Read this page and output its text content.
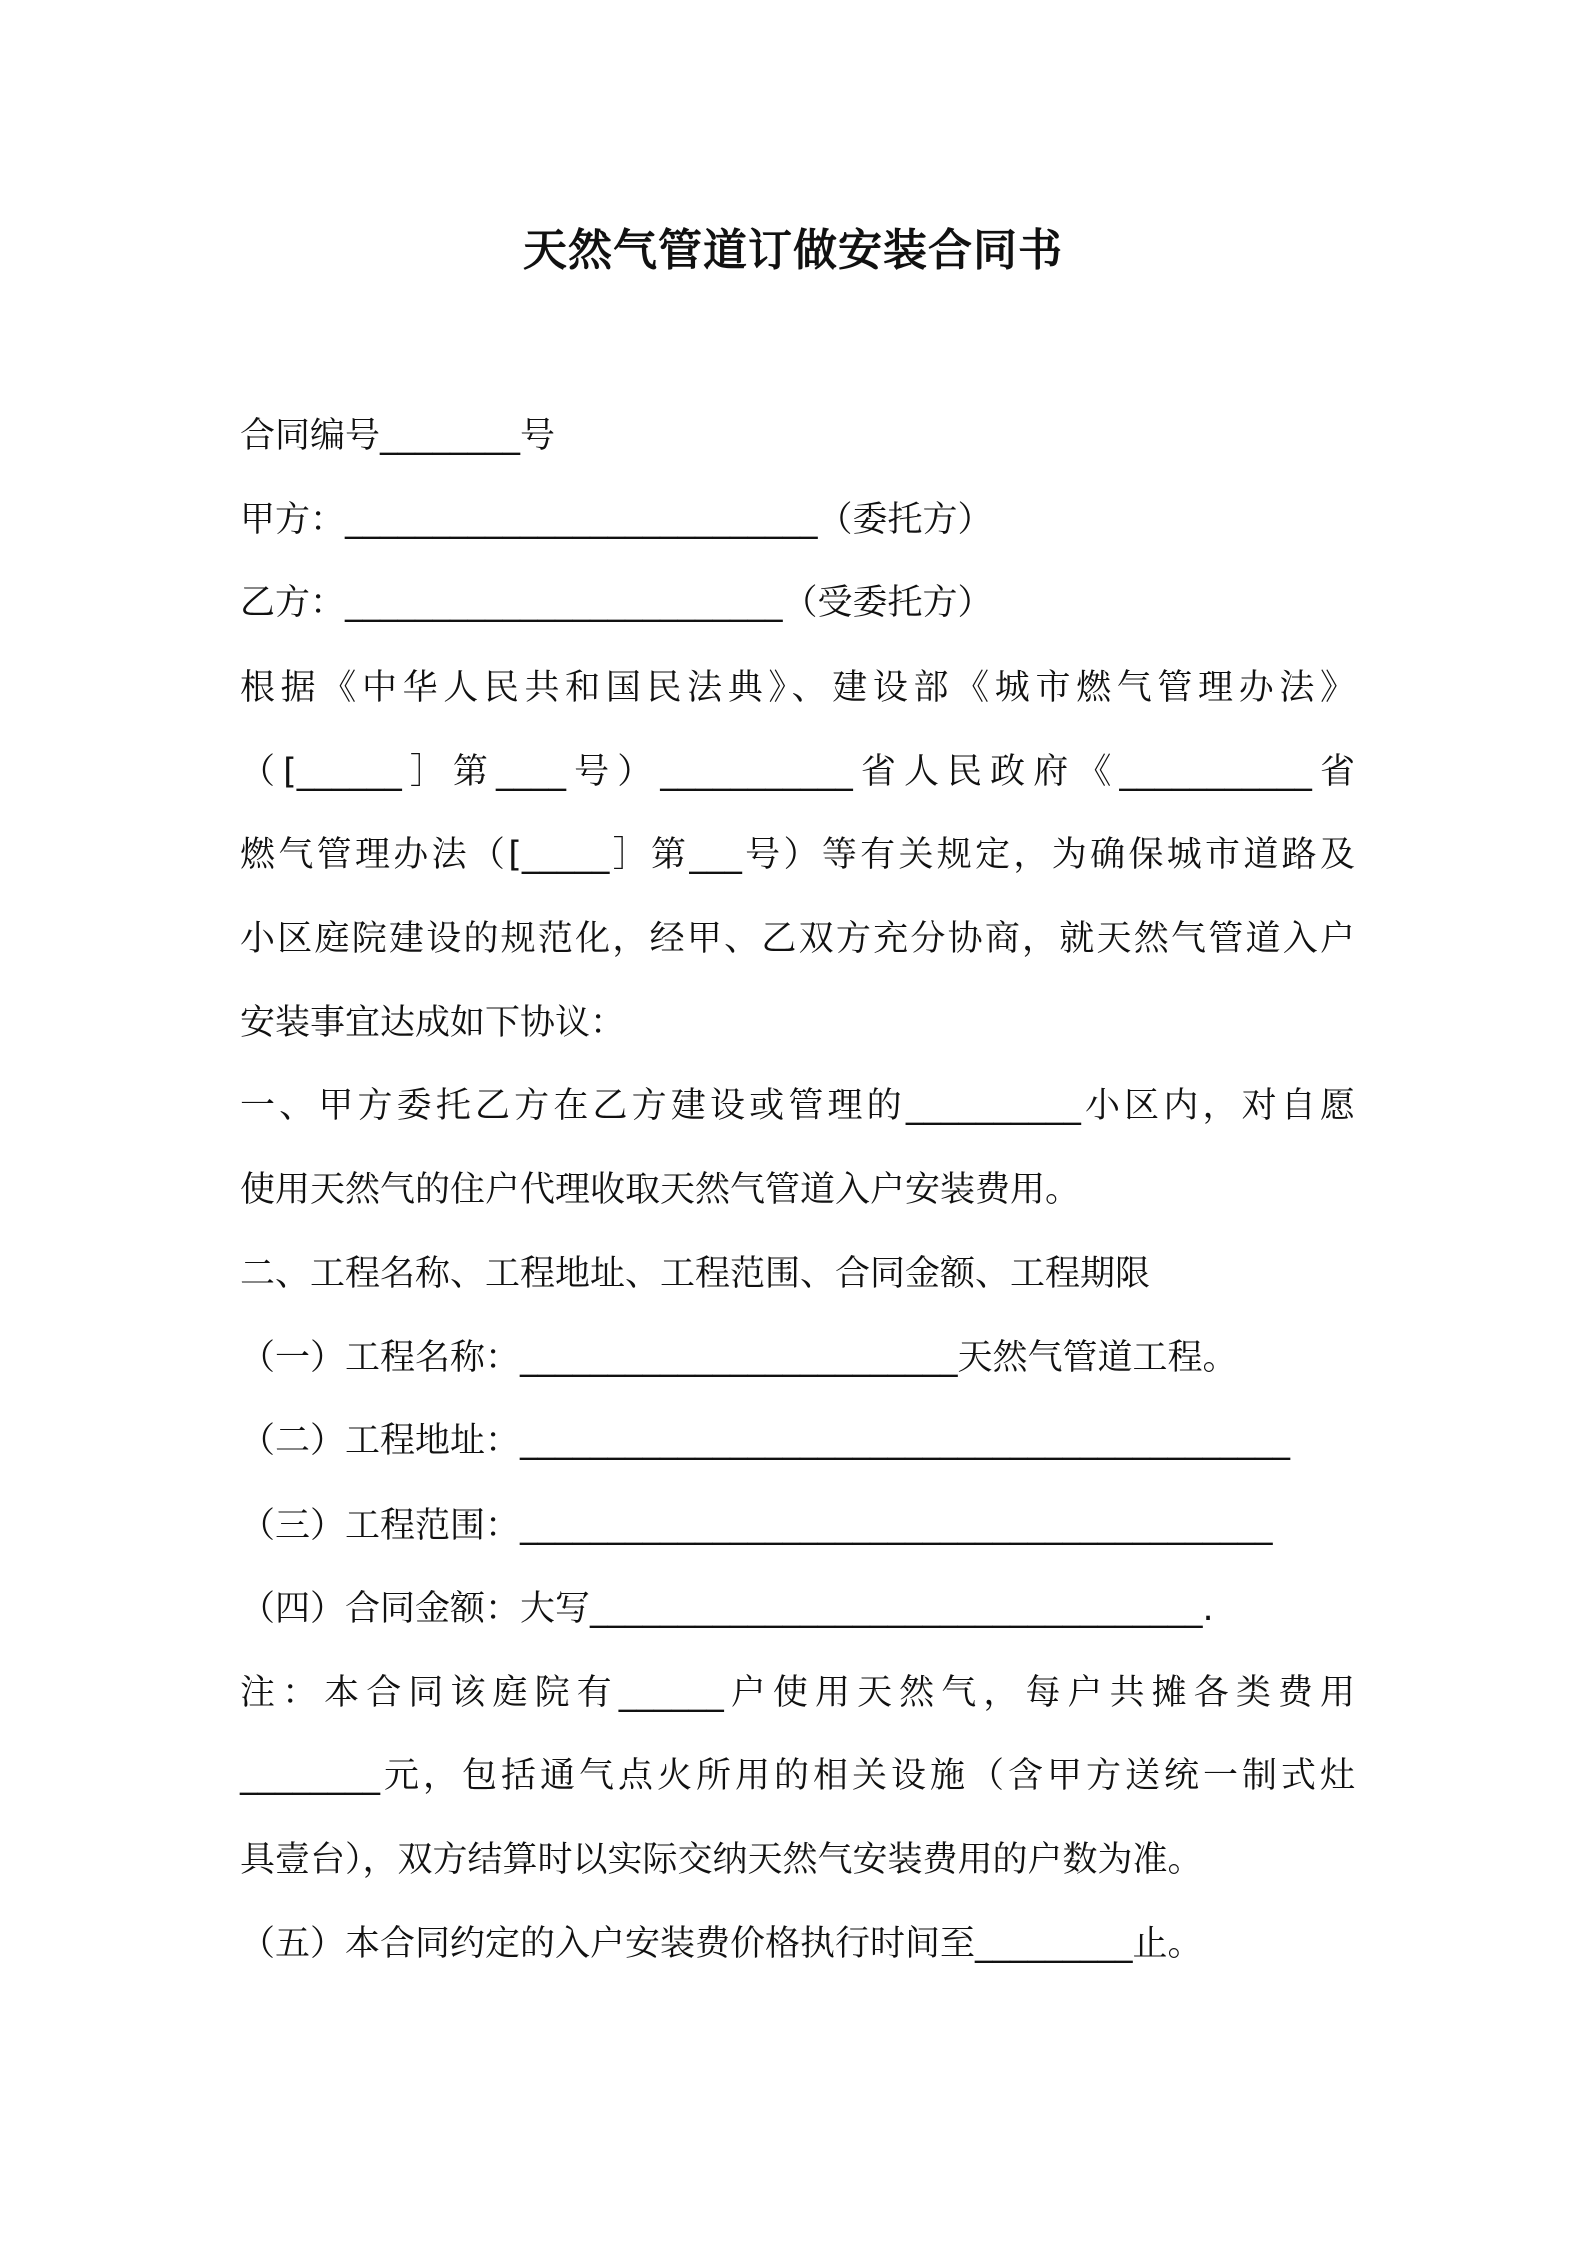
天然气管道订做安装合同书
合同编号________号
甲方：___________________________（委托方）
乙方：_________________________（受委托方）
根据《中华人民共和国民法典》、建设部《城市燃气管理办法》
（[______］第____号）___________省人民政府《___________省
燃气管理办法（[_____］第___号）等有关规定，为确保城市道路及
小区庭院建设的规范化，经甲、乙双方充分协商，就天然气管道入户
安装事宜达成如下协议：
一、甲方委托乙方在乙方建设或管理的__________小区内，对自愿
使用天然气的住户代理收取天然气管道入户安装费用。
二、工程名称、工程地址、工程范围、合同金额、工程期限
（一）工程名称：_________________________天然气管道工程。
（二）工程地址：____________________________________________
（三）工程范围：___________________________________________
（四）合同金额：大写___________________________________.
注：本合同该庭院有______户使用天然气，每户共摊各类费用
________元，包括通气点火所用的相关设施（含甲方送统一制式灶
具壹台），双方结算时以实际交纳天然气安装费用的户数为准。
（五）本合同约定的入户安装费价格执行时间至_________止。
